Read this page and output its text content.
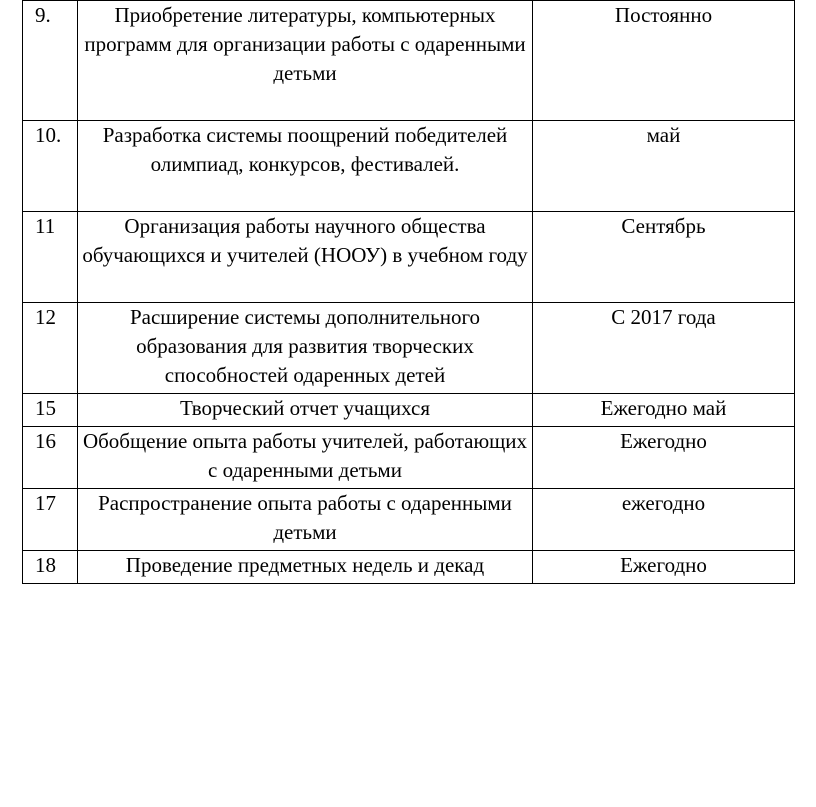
9.	Приобретение литературы, компьютерных программ для организации работы с одаренными детьми	Постоянно
10.	Разработка системы поощрений победителей олимпиад, конкурсов, фестивалей.	май
11	Организация работы научного общества обучающихся и учителей (НООУ) в учебном году	Сентябрь
12	Расширение системы дополнительного образования для развития творческих способностей одаренных детей	С 2017 года
15	Творческий отчет учащихся	Ежегодно май
16	Обобщение опыта работы учителей, работающих с одаренными детьми	Ежегодно
17	Распространение опыта работы с одаренными детьми	ежегодно
18	Проведение предметных недель и декад	Ежегодно
